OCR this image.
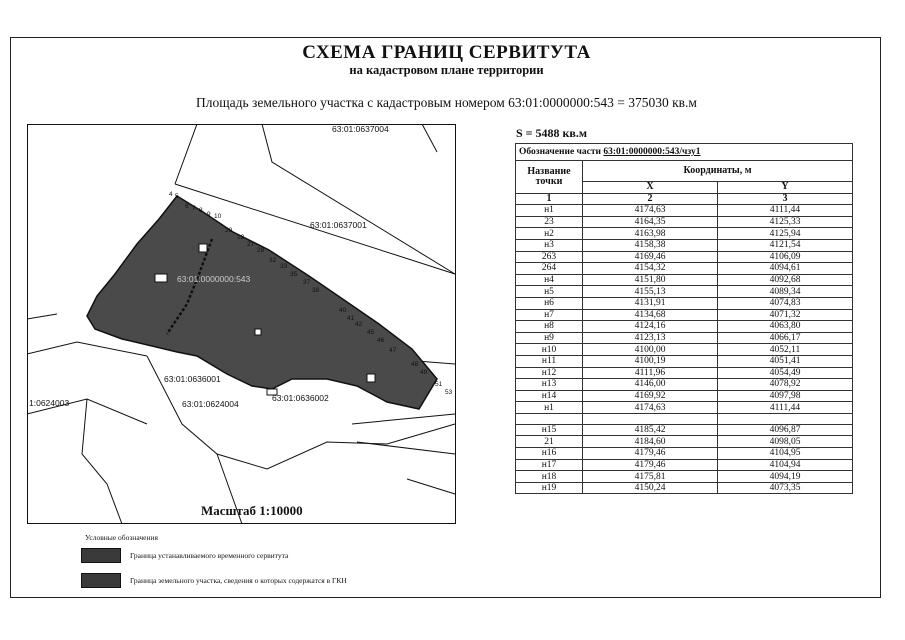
СХЕМА ГРАНИЦ СЕРВИТУТА
на кадастровом плане территории
Площадь земельного участка с кадастровым номером 63:01:0000000:543 = 375030 кв.м
4 5
6 7 8
9 10
20
23
27
28
32
33
35
37
38
40
41
42
45
46
47
48
49
51
53
63:01:0637004
63:01:0637001
63:01:0000000:543
63:01:0636001
63:01:0636002
63:01:0624004
1:0624003
Масштаб 1:10000
S = 5488 кв.м
Обозначение части 63:01:0000000:543/чзу1		
Название точки	Координаты, м	
	X	Y
1	2	3
н1	4174,63	4111,44
23	4164,35	4125,33
н2	4163,98	4125,94
н3	4158,38	4121,54
263	4169,46	4106,09
264	4154,32	4094,61
н4	4151,80	4092,68
н5	4155,13	4089,34
н6	4131,91	4074,83
н7	4134,68	4071,32
н8	4124,16	4063,80
н9	4123,13	4066,17
н10	4100,00	4052,11
н11	4100,19	4051,41
н12	4111,96	4054,49
н13	4146,00	4078,92
н14	4169,92	4097,98
н1	4174,63	4111,44

н15	4185,42	4096,87
21	4184,60	4098,05
н16	4179,46	4104,95
н17	4179,46	4104,94
н18	4175,81	4094,19
н19	4150,24	4073,35
Условные обозначения
Граница устанавливаемого временного сервитута
Граница земельного участка, сведения о которых содержатся в ГКН
